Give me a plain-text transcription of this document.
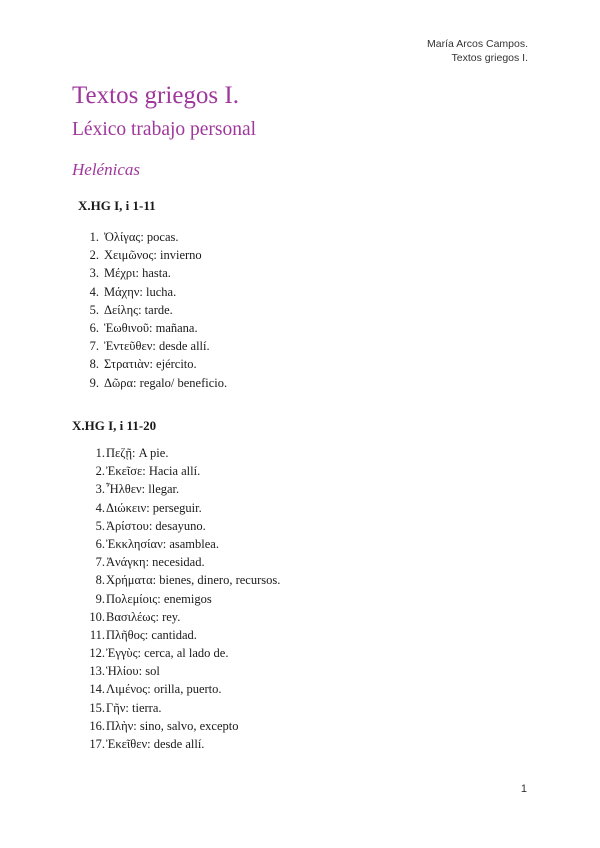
María Arcos Campos.
Textos griegos I.
Textos griegos I.
Léxico trabajo personal
Helénicas
X.HG I, i 1-11
1. Ὀλίγας: pocas.
2. Χειμῶνος: invierno
3. Μέχρι: hasta.
4. Μάχην: lucha.
5. Δείλης: tarde.
6. Ἑωθινοῦ: mañana.
7. Ἐντεῦθεν: desde allí.
8. Στρατιὰν: ejército.
9. Δῶρα: regalo/ beneficio.
X.HG I, i 11-20
1.Πεζῇ: A pie.
2.Ἐκεῖσε: Hacia allí.
3.Ἦλθεν: llegar.
4.Διώκειν: perseguir.
5.Ἀρίστου: desayuno.
6.Ἐκκλησίαν: asamblea.
7.Ἀνάγκη: necesidad.
8.Χρήματα: bienes, dinero, recursos.
9.Πολεμίοις: enemigos
10.Βασιλέως: rey.
11.Πλῆθος: cantidad.
12.Ἐγγὺς: cerca, al lado de.
13.Ἡλίου: sol
14.Λιμένος: orilla, puerto.
15.Γῆν: tierra.
16.Πλὴν: sino, salvo, excepto
17.Ἐκεῖθεν: desde allí.
1
